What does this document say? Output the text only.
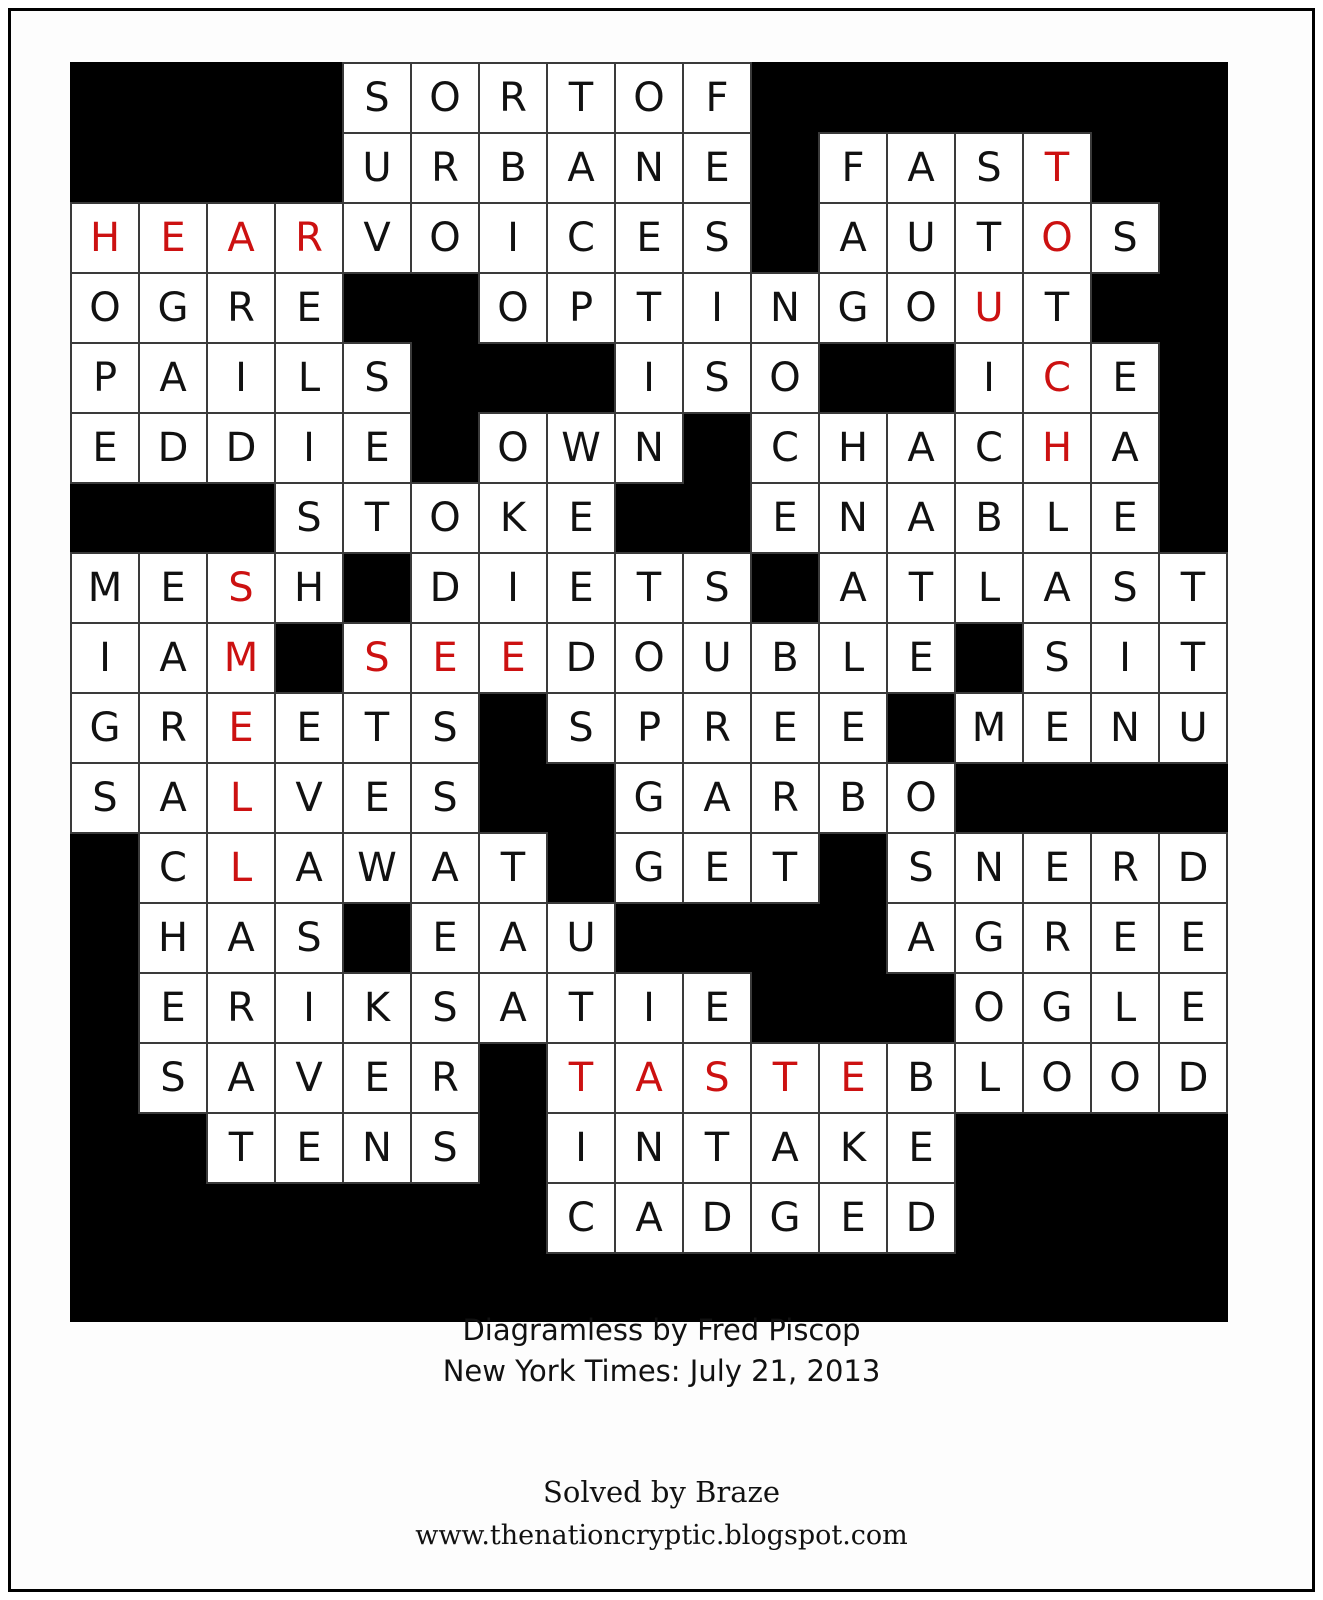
				S	O	R	T	O	F							
				U	R	B	A	N	E		F	A	S	T		
H	E	A	R	V	O	I	C	E	S		A	U	T	O	S	
O	G	R	E			O	P	T	I	N	G	O	U	T		
P	A	I	L	S				I	S	O			I	C	E	
E	D	D	I	E		O	W	N		C	H	A	C	H	A	
			S	T	O	K	E			E	N	A	B	L	E	
M	E	S	H		D	I	E	T	S		A	T	L	A	S	T
I	A	M		S	E	E	D	O	U	B	L	E		S	I	T
G	R	E	E	T	S		S	P	R	E	E		M	E	N	U
S	A	L	V	E	S			G	A	R	B	O				
	C	L	A	W	A	T		G	E	T		S	N	E	R	D
	H	A	S		E	A	U					A	G	R	E	E
	E	R	I	K	S	A	T	I	E				O	G	L	E
	S	A	V	E	R		T	A	S	T	E	B	L	O	O	D
		T	E	N	S		I	N	T	A	K	E				
							C	A	D	G	E	D				

Diagramless by Fred Piscop
New York Times: July 21, 2013
Solved by Braze
www.thenationcryptic.blogspot.com
